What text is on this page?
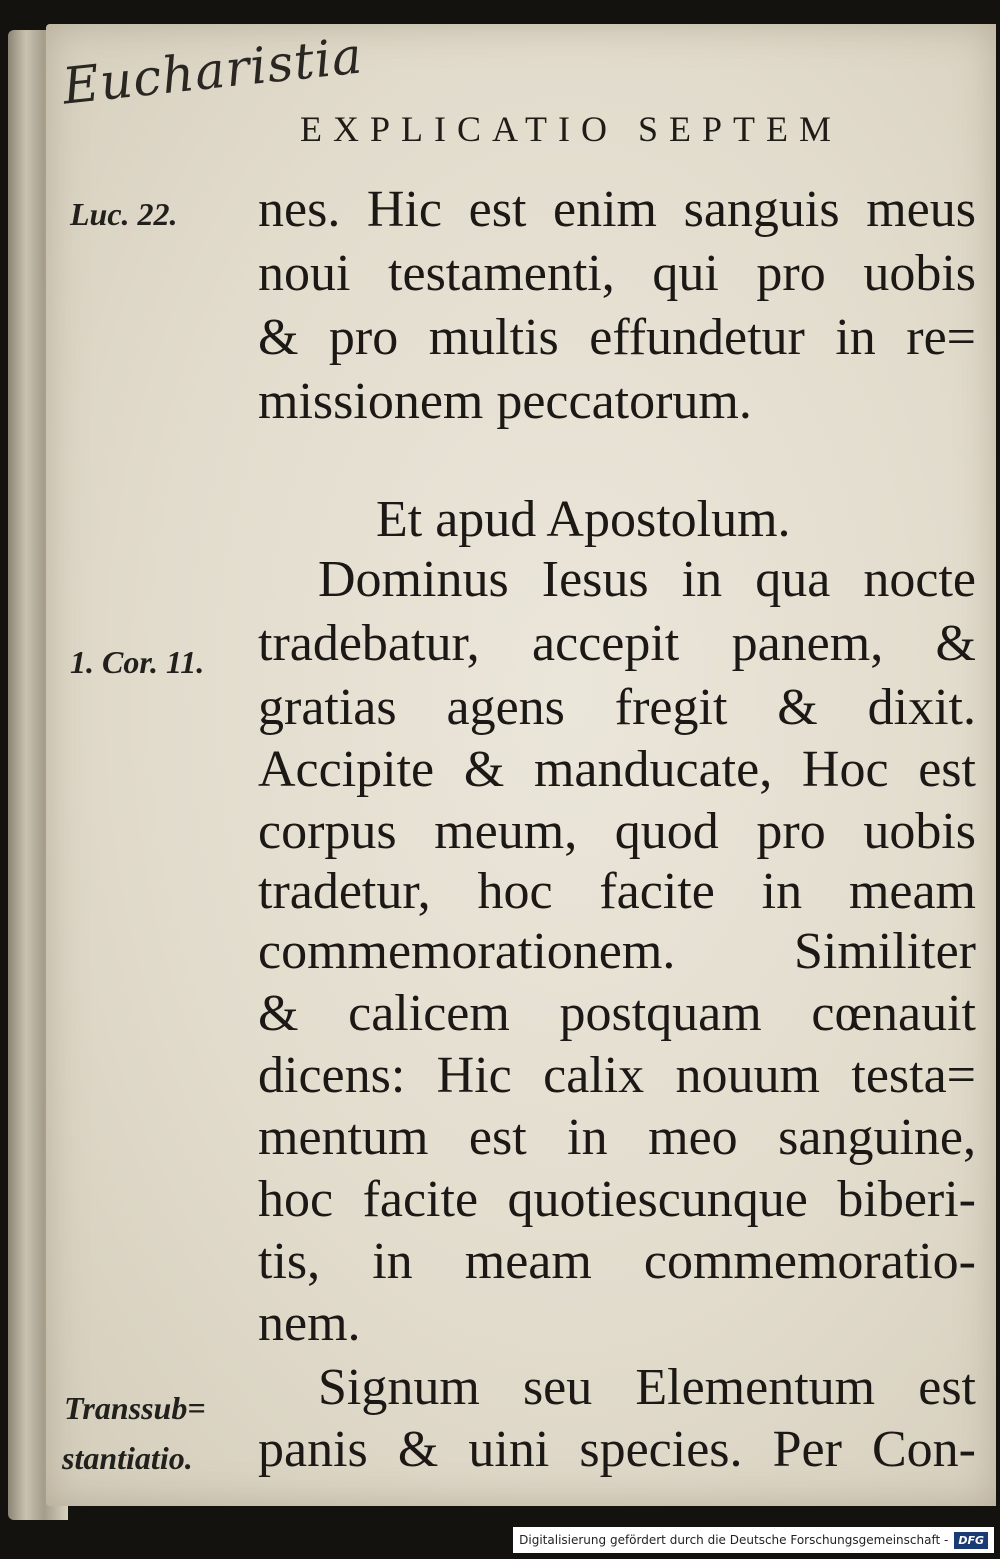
Eucharistia
EXPLICATIO SEPTEM
Luc. 22.
1. Cor. 11.
Transsub=
stantiatio.
nes. Hic est enim sanguis meus
noui testamenti, qui pro uobis
& pro multis effundetur in re=
missionem peccatorum.
Et apud Apostolum.
Dominus Iesus in qua nocte
tradebatur, accepit panem, &
gratias agens fregit & dixit.
Accipite & manducate, Hoc est
corpus meum, quod pro uobis
tradetur, hoc facite in meam
commemorationem. Similiter
& calicem postquam cœnauit
dicens: Hic calix nouum testa=
mentum est in meo sanguine,
hoc facite quotiescunque biberi-
tis, in meam commemoratio-
nem.
Signum seu Elementum est
panis & uini species. Per Con-
Digitalisierung gefördert durch die Deutsche Forschungsgemeinschaft - DFG
